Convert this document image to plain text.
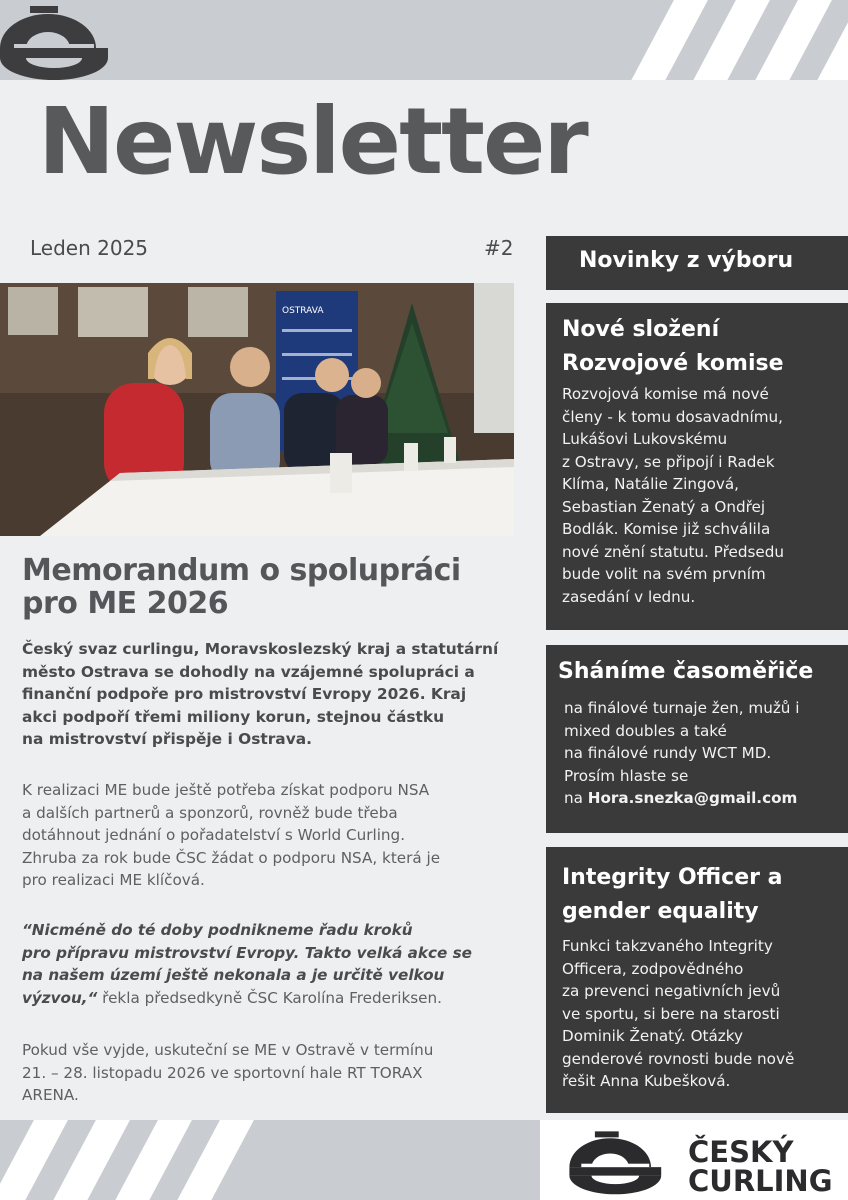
Newsletter
Leden 2025	#2
OSTRAVA
Memorandum o spolupráci
pro ME 2026
Český svaz curlingu, Moravskoslezský kraj a statutární
město Ostrava se dohodly na vzájemné spolupráci a
finanční podpoře pro mistrovství Evropy 2026. Kraj
akci podpoří třemi miliony korun, stejnou částku
na mistrovství přispěje i Ostrava.
K realizaci ME bude ještě potřeba získat podporu NSA
a dalších partnerů a sponzorů, rovněž bude třeba
dotáhnout jednání o pořadatelství s World Curling.
Zhruba za rok bude ČSC žádat o podporu NSA, která je
pro realizaci ME klíčová.
“Nicméně do té doby podnikneme řadu kroků
pro přípravu mistrovství Evropy. Takto velká akce se
na našem území ještě nekonala a je určitě velkou
výzvou,“ řekla předsedkyně ČSC Karolína Frederiksen.
Pokud vše vyjde, uskuteční se ME v Ostravě v termínu
21. – 28. listopadu 2026 ve sportovní hale RT TORAX
ARENA.
Novinky z výboru
Nové složení
Rozvojové komise
Rozvojová komise má nové
členy - k tomu dosavadnímu,
Lukášovi Lukovskému
z Ostravy, se připojí i Radek
Klíma, Natálie Zingová,
Sebastian Ženatý a Ondřej
Bodlák. Komise již schválila
nové znění statutu. Předsedu
bude volit na svém prvním
zasedání v lednu.
Sháníme časoměřiče
na finálové turnaje žen, mužů i
mixed doubles a také
na finálové rundy WCT MD.
Prosím hlaste se
na Hora.snezka@gmail.com
Integrity Officer a
gender equality
Funkci takzvaného Integrity
Officera, zodpovědného
za prevenci negativních jevů
ve sportu, si bere na starosti
Dominik Ženatý. Otázky
genderové rovnosti bude nově
řešit Anna Kubešková.
ČESKÝ
CURLING
